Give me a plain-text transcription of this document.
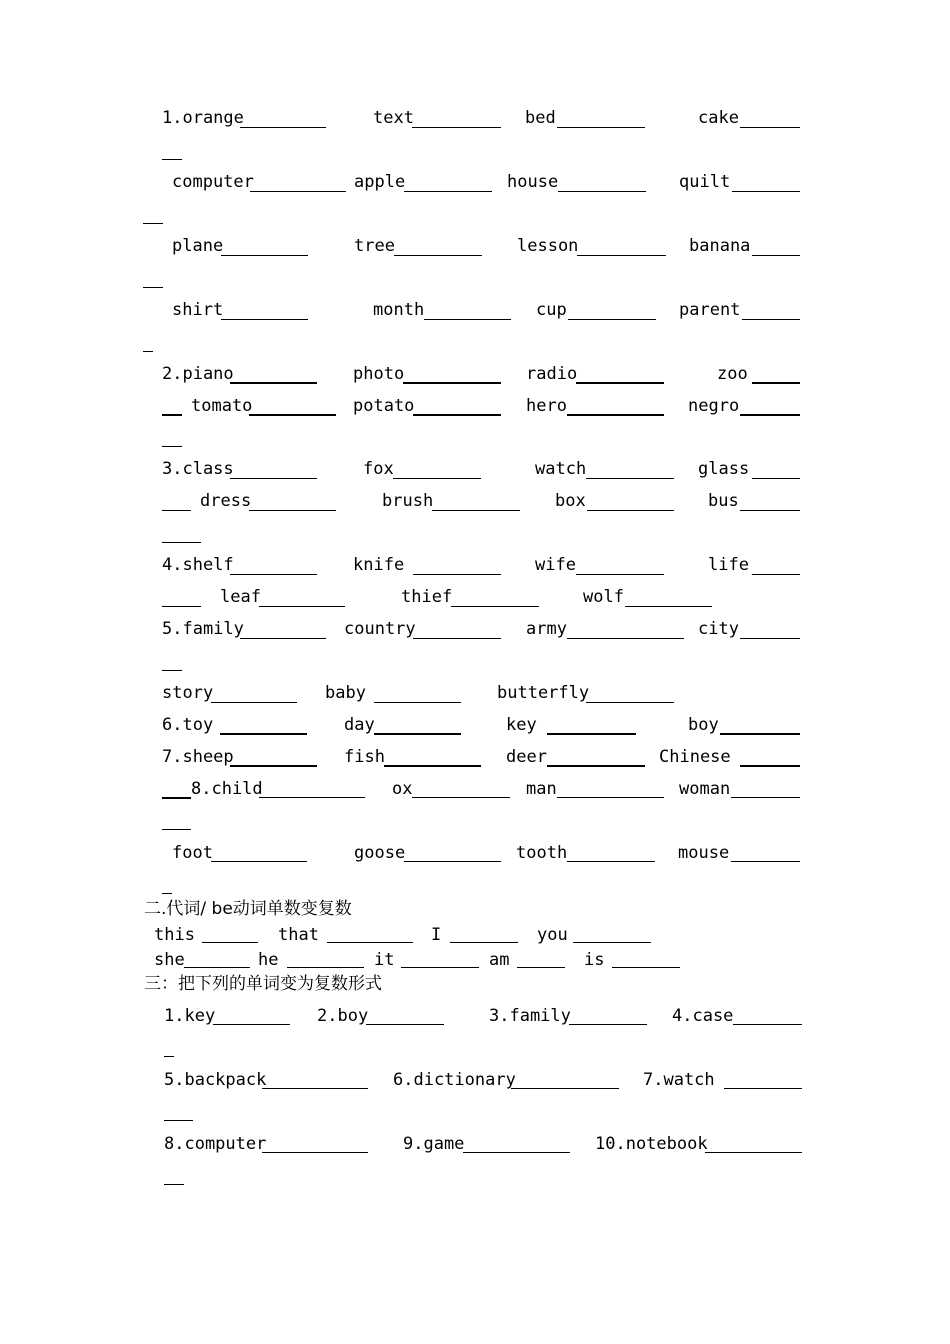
1.orange	text	bed	cake
computer	apple	house	quilt
plane	tree	lesson	banana
shirt	month	cup	parent
2.piano	photo	radio	zoo
tomato	potato	hero	negro
3.class	fox	watch	glass
dress	brush	box	bus
4.shelf	knife	wife	life
leaf	thief	wolf
5.family	country	army	city
story	baby	butterfly
6.toy	day	key	boy
7.sheep	fish	deer	Chinese
8.child	ox	man	woman
foot	goose	tooth	mouse
二.代词/ be动词单数变复数
this	that	I	you
she	he	it	am	is
三：把下列的单词变为复数形式
1.key	2.boy	3.family	4.case
5.backpack	6.dictionary	7.watch
8.computer	9.game	10.notebook
